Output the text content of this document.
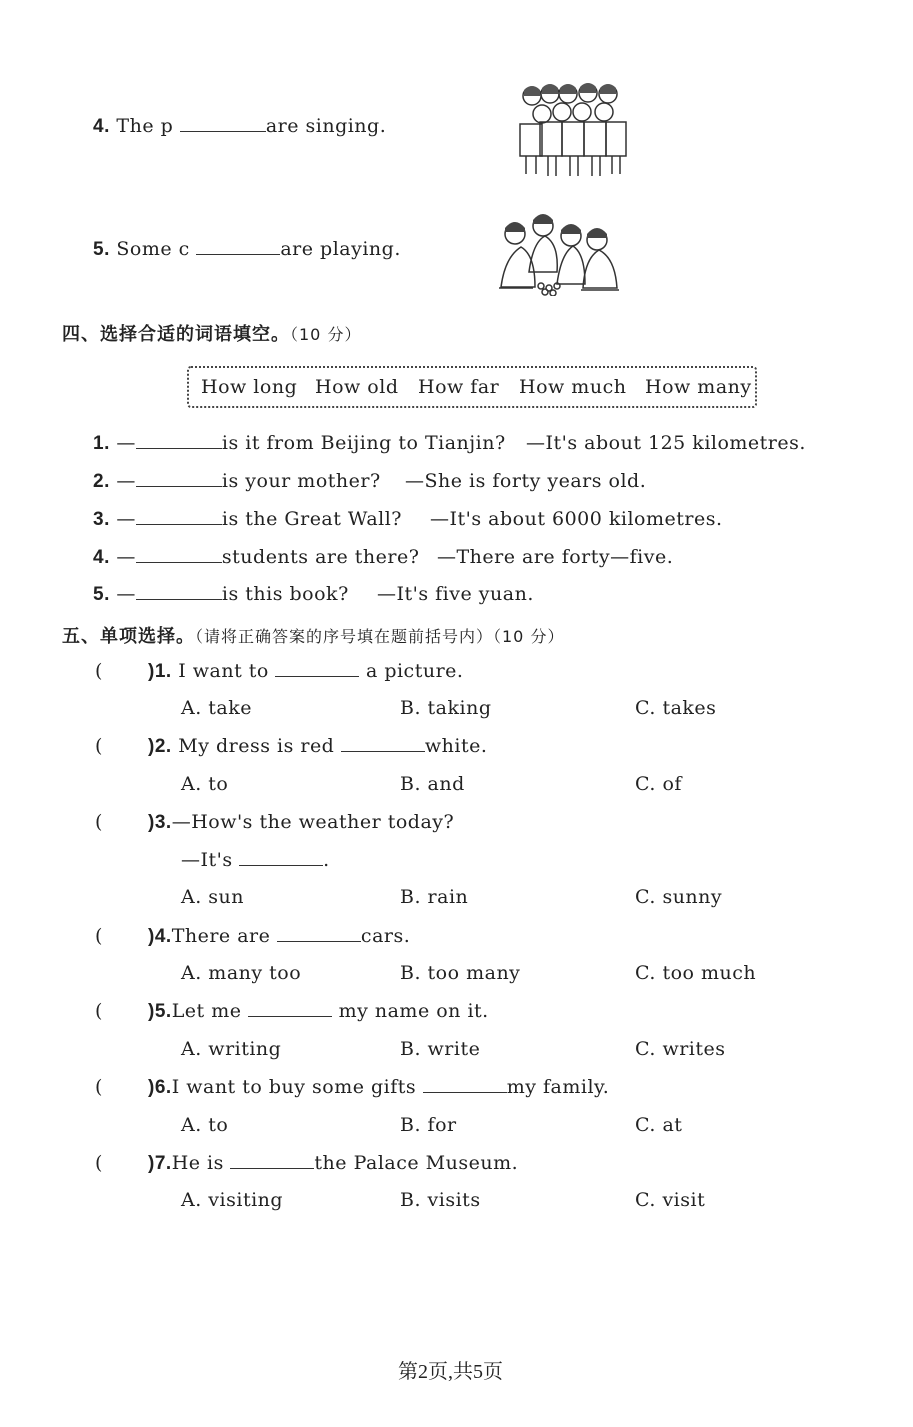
4. The p	are singing.
5. Some c	are playing.
四、选择合适的词语填空。（10 分）
How long How old How far How much How many
1. —	is it from Beijing to Tianjin? —It's about 125 kilometres.
2. —	is your mother? —She is forty years old.
3. —	is the Great Wall? —It's about 6000 kilometres.
4. —	students are there? —There are forty—five.
5. —	is this book? —It's five yuan.
五、单项选择。（请将正确答案的序号填在题前括号内）（10 分）
( )1. I want to	a picture.
A. take	B. taking	C. takes
( )2. My dress is red	white.
A. to	B. and	C. of
( )3.—How's the weather today?
—It's	.
A. sun	B. rain	C. sunny
( )4.There are	cars.
A. many too	B. too many	C. too much
( )5.Let me	my name on it.
A. writing	B. write	C. writes
( )6.I want to buy some gifts	my family.
A. to	B. for	C. at
( )7.He is	the Palace Museum.
A. visiting	B. visits	C. visit
第2页,共5页
